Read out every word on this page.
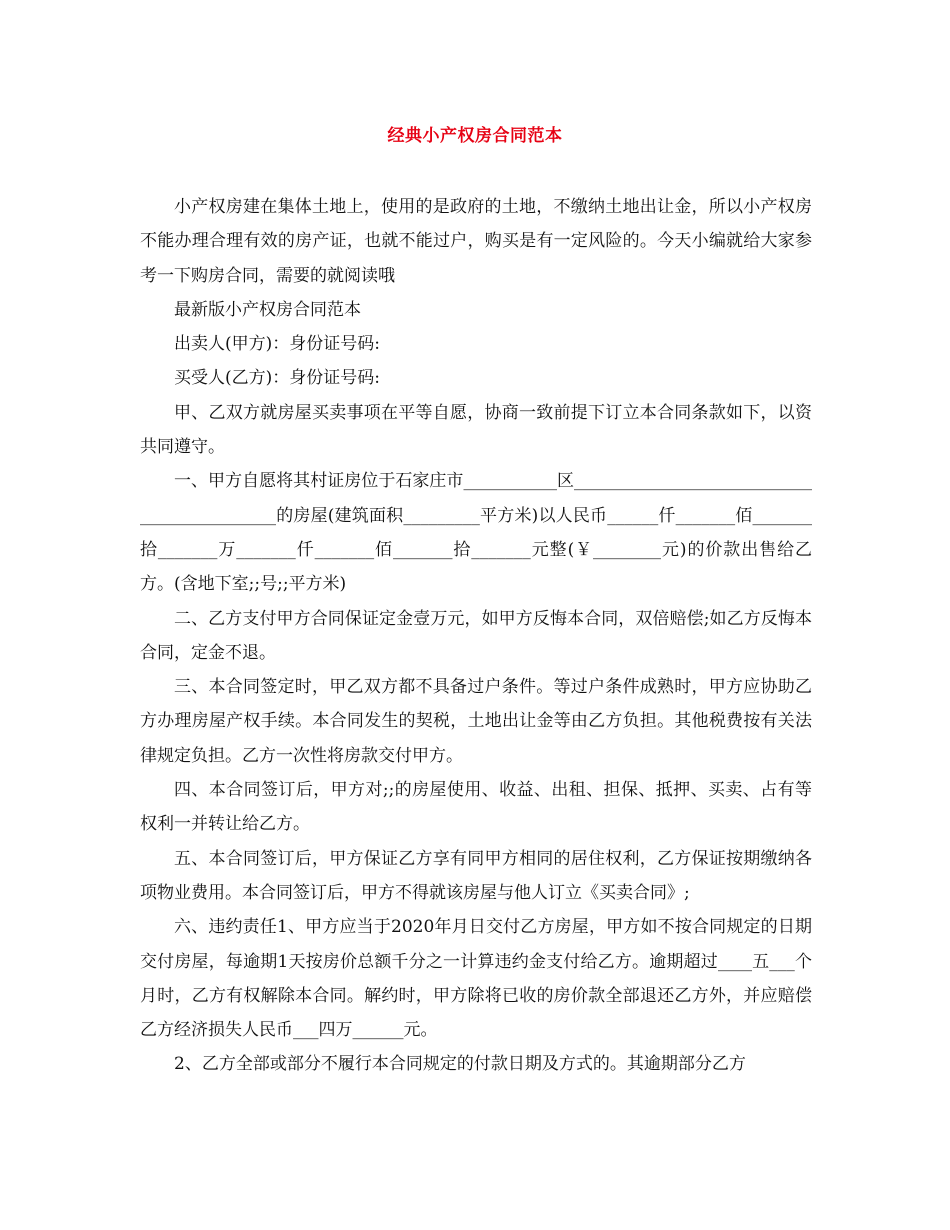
经典小产权房合同范本

小产权房建在集体土地上，使用的是政府的土地，不缴纳土地出让金，所以小产权房不能办理合理有效的房产证，也就不能过户，购买是有一定风险的。今天小编就给大家参考一下购房合同，需要的就阅读哦

最新版小产权房合同范本

出卖人(甲方)：身份证号码:

买受人(乙方)：身份证号码:

甲、乙双方就房屋买卖事项在平等自愿，协商一致前提下订立本合同条款如下，以资共同遵守。

一、甲方自愿将其村证房位于石家庄市___________区____________________________________________的房屋(建筑面积_________平方米)以人民币______仟_______佰_______拾_______万_______仟_______佰_______拾_______元整(￥________元)的价款出售给乙方。(含地下室;;号;;平方米)

二、乙方支付甲方合同保证定金壹万元，如甲方反悔本合同，双倍赔偿;如乙方反悔本合同，定金不退。

三、本合同签定时，甲乙双方都不具备过户条件。等过户条件成熟时，甲方应协助乙方办理房屋产权手续。本合同发生的契税，土地出让金等由乙方负担。其他税费按有关法律规定负担。乙方一次性将房款交付甲方。

四、本合同签订后，甲方对;;的房屋使用、收益、出租、担保、抵押、买卖、占有等权利一并转让给乙方。

五、本合同签订后，甲方保证乙方享有同甲方相同的居住权利，乙方保证按期缴纳各项物业费用。本合同签订后，甲方不得就该房屋与他人订立《买卖合同》;

六、违约责任1、甲方应当于2020年月日交付乙方房屋，甲方如不按合同规定的日期交付房屋，每逾期1天按房价总额千分之一计算违约金支付给乙方。逾期超过____五___个月时，乙方有权解除本合同。解约时，甲方除将已收的房价款全部退还乙方外，并应赔偿乙方经济损失人民币___四万______元。

2、乙方全部或部分不履行本合同规定的付款日期及方式的。其逾期部分乙方
